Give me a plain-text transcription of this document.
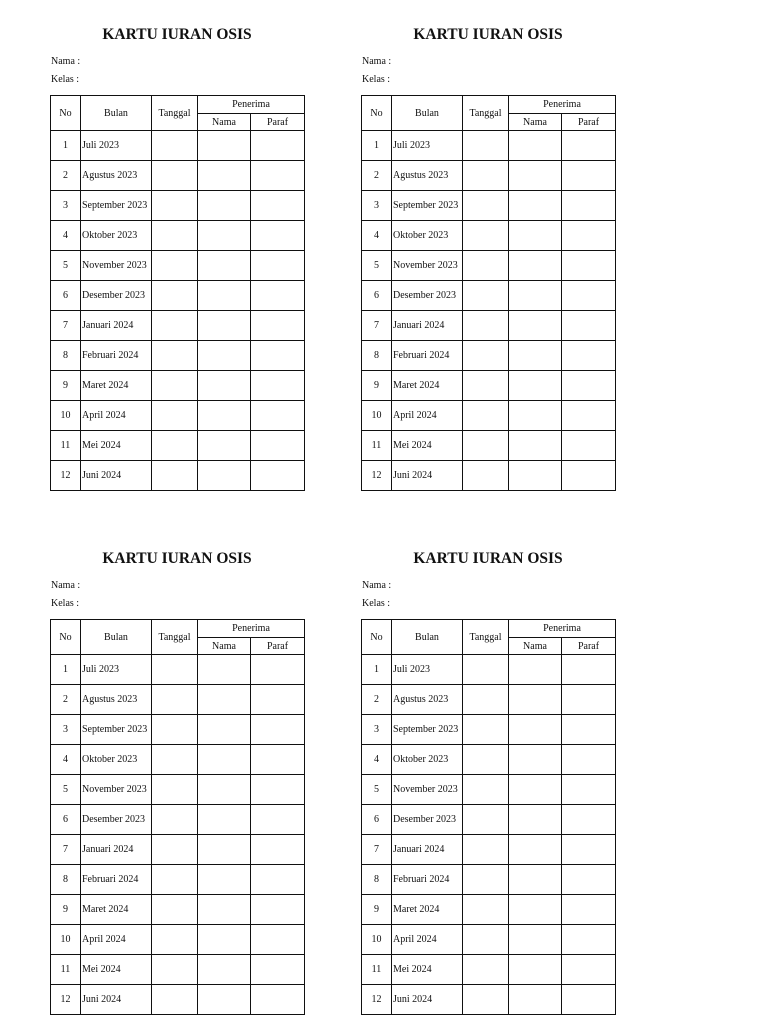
KARTU IURAN OSIS
Nama :
Kelas :
No	Bulan	Tanggal	Penerima	
			Nama	Paraf
1	Juli 2023			
2	Agustus 2023			
3	September 2023			
4	Oktober 2023			
5	November 2023			
6	Desember 2023			
7	Januari 2024			
8	Februari 2024			
9	Maret 2024			
10	April 2024			
11	Mei 2024			
12	Juni 2024			
KARTU IURAN OSIS
Nama :
Kelas :
No	Bulan	Tanggal	Penerima	
			Nama	Paraf
1	Juli 2023			
2	Agustus 2023			
3	September 2023			
4	Oktober 2023			
5	November 2023			
6	Desember 2023			
7	Januari 2024			
8	Februari 2024			
9	Maret 2024			
10	April 2024			
11	Mei 2024			
12	Juni 2024			
KARTU IURAN OSIS
Nama :
Kelas :
No	Bulan	Tanggal	Penerima	
			Nama	Paraf
1	Juli 2023			
2	Agustus 2023			
3	September 2023			
4	Oktober 2023			
5	November 2023			
6	Desember 2023			
7	Januari 2024			
8	Februari 2024			
9	Maret 2024			
10	April 2024			
11	Mei 2024			
12	Juni 2024			
KARTU IURAN OSIS
Nama :
Kelas :
No	Bulan	Tanggal	Penerima	
			Nama	Paraf
1	Juli 2023			
2	Agustus 2023			
3	September 2023			
4	Oktober 2023			
5	November 2023			
6	Desember 2023			
7	Januari 2024			
8	Februari 2024			
9	Maret 2024			
10	April 2024			
11	Mei 2024			
12	Juni 2024			
